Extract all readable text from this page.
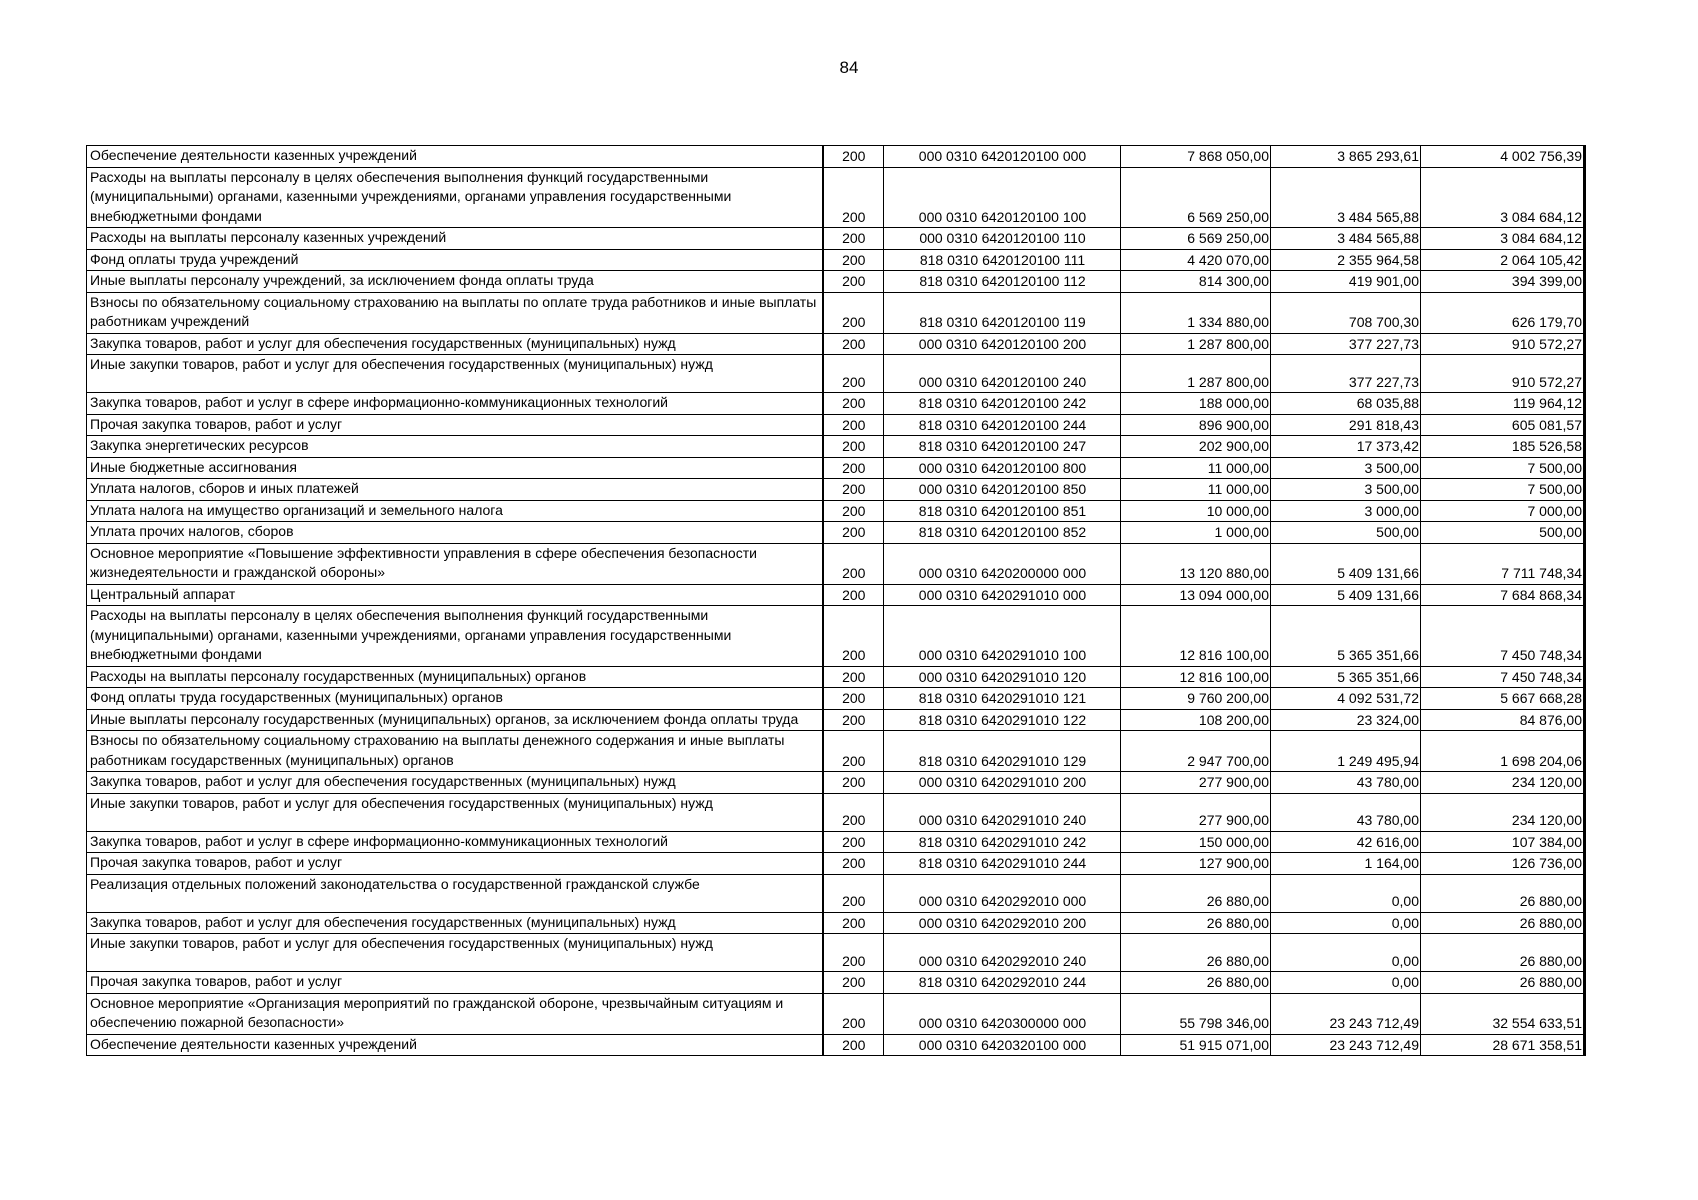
84
Обеспечение деятельности казенных учреждений	200	000 0310 6420120100 000	7 868 050,00	3 865 293,61	4 002 756,39
Расходы на выплаты персоналу в целях обеспечения выполнения функций государственными (муниципальными) органами, казенными учреждениями, органами управления государственными внебюджетными фондами	200	000 0310 6420120100 100	6 569 250,00	3 484 565,88	3 084 684,12
Расходы на выплаты персоналу казенных учреждений	200	000 0310 6420120100 110	6 569 250,00	3 484 565,88	3 084 684,12
Фонд оплаты труда учреждений	200	818 0310 6420120100 111	4 420 070,00	2 355 964,58	2 064 105,42
Иные выплаты персоналу учреждений, за исключением фонда оплаты труда	200	818 0310 6420120100 112	814 300,00	419 901,00	394 399,00
Взносы по обязательному социальному страхованию на выплаты по оплате труда работников и иные выплаты работникам учреждений	200	818 0310 6420120100 119	1 334 880,00	708 700,30	626 179,70
Закупка товаров, работ и услуг для обеспечения государственных (муниципальных) нужд	200	000 0310 6420120100 200	1 287 800,00	377 227,73	910 572,27
Иные закупки товаров, работ и услуг для обеспечения государственных (муниципальных) нужд	200	000 0310 6420120100 240	1 287 800,00	377 227,73	910 572,27
Закупка товаров, работ и услуг в сфере информационно-коммуникационных технологий	200	818 0310 6420120100 242	188 000,00	68 035,88	119 964,12
Прочая закупка товаров, работ и услуг	200	818 0310 6420120100 244	896 900,00	291 818,43	605 081,57
Закупка энергетических ресурсов	200	818 0310 6420120100 247	202 900,00	17 373,42	185 526,58
Иные бюджетные ассигнования	200	000 0310 6420120100 800	11 000,00	3 500,00	7 500,00
Уплата налогов, сборов и иных платежей	200	000 0310 6420120100 850	11 000,00	3 500,00	7 500,00
Уплата налога на имущество организаций и земельного налога	200	818 0310 6420120100 851	10 000,00	3 000,00	7 000,00
Уплата прочих налогов, сборов	200	818 0310 6420120100 852	1 000,00	500,00	500,00
Основное мероприятие «Повышение эффективности управления в сфере обеспечения безопасности жизнедеятельности и гражданской обороны»	200	000 0310 6420200000 000	13 120 880,00	5 409 131,66	7 711 748,34
Центральный аппарат	200	000 0310 6420291010 000	13 094 000,00	5 409 131,66	7 684 868,34
Расходы на выплаты персоналу в целях обеспечения выполнения функций государственными (муниципальными) органами, казенными учреждениями, органами управления государственными внебюджетными фондами	200	000 0310 6420291010 100	12 816 100,00	5 365 351,66	7 450 748,34
Расходы на выплаты персоналу государственных (муниципальных) органов	200	000 0310 6420291010 120	12 816 100,00	5 365 351,66	7 450 748,34
Фонд оплаты труда государственных (муниципальных) органов	200	818 0310 6420291010 121	9 760 200,00	4 092 531,72	5 667 668,28
Иные выплаты персоналу государственных (муниципальных) органов, за исключением фонда оплаты труда	200	818 0310 6420291010 122	108 200,00	23 324,00	84 876,00
Взносы по обязательному социальному страхованию на выплаты денежного содержания и иные выплаты работникам государственных (муниципальных) органов	200	818 0310 6420291010 129	2 947 700,00	1 249 495,94	1 698 204,06
Закупка товаров, работ и услуг для обеспечения государственных (муниципальных) нужд	200	000 0310 6420291010 200	277 900,00	43 780,00	234 120,00
Иные закупки товаров, работ и услуг для обеспечения государственных (муниципальных) нужд	200	000 0310 6420291010 240	277 900,00	43 780,00	234 120,00
Закупка товаров, работ и услуг в сфере информационно-коммуникационных технологий	200	818 0310 6420291010 242	150 000,00	42 616,00	107 384,00
Прочая закупка товаров, работ и услуг	200	818 0310 6420291010 244	127 900,00	1 164,00	126 736,00
Реализация отдельных положений законодательства о государственной гражданской службе	200	000 0310 6420292010 000	26 880,00	0,00	26 880,00
Закупка товаров, работ и услуг для обеспечения государственных (муниципальных) нужд	200	000 0310 6420292010 200	26 880,00	0,00	26 880,00
Иные закупки товаров, работ и услуг для обеспечения государственных (муниципальных) нужд	200	000 0310 6420292010 240	26 880,00	0,00	26 880,00
Прочая закупка товаров, работ и услуг	200	818 0310 6420292010 244	26 880,00	0,00	26 880,00
Основное мероприятие «Организация мероприятий по гражданской обороне, чрезвычайным ситуациям и обеспечению пожарной безопасности»	200	000 0310 6420300000 000	55 798 346,00	23 243 712,49	32 554 633,51
Обеспечение деятельности казенных учреждений	200	000 0310 6420320100 000	51 915 071,00	23 243 712,49	28 671 358,51
